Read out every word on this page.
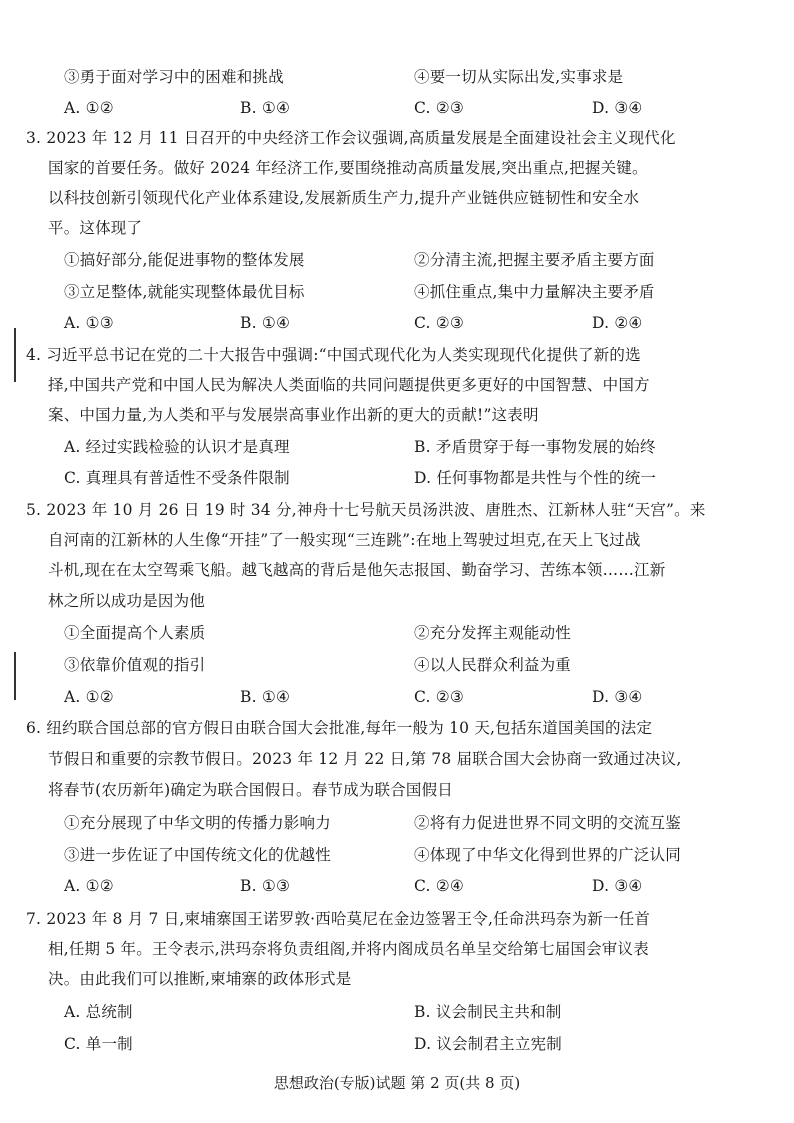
③勇于面对学习中的困难和挑战	④要一切从实际出发,实事求是
A. ①②	B. ①④	C. ②③	D. ③④
3. 2023 年 12 月 11 日召开的中央经济工作会议强调,高质量发展是全面建设社会主义现代化
国家的首要任务。做好 2024 年经济工作,要围绕推动高质量发展,突出重点,把握关键。
以科技创新引领现代化产业体系建设,发展新质生产力,提升产业链供应链韧性和安全水
平。这体现了
①搞好部分,能促进事物的整体发展	②分清主流,把握主要矛盾主要方面
③立足整体,就能实现整体最优目标	④抓住重点,集中力量解决主要矛盾
A. ①③	B. ①④	C. ②③	D. ②④
4. 习近平总书记在党的二十大报告中强调:“中国式现代化为人类实现现代化提供了新的选
择,中国共产党和中国人民为解决人类面临的共同问题提供更多更好的中国智慧、中国方
案、中国力量,为人类和平与发展崇高事业作出新的更大的贡献!”这表明
A. 经过实践检验的认识才是真理	B. 矛盾贯穿于每一事物发展的始终
C. 真理具有普适性不受条件限制	D. 任何事物都是共性与个性的统一
5. 2023 年 10 月 26 日 19 时 34 分,神舟十七号航天员汤洪波、唐胜杰、江新林人驻“天宫”。来
自河南的江新林的人生像“开挂”了一般实现“三连跳”:在地上驾驶过坦克,在天上飞过战
斗机,现在在太空驾乘飞船。越飞越高的背后是他矢志报国、勤奋学习、苦练本领……江新
林之所以成功是因为他
①全面提高个人素质	②充分发挥主观能动性
③依靠价值观的指引	④以人民群众利益为重
A. ①②	B. ①④	C. ②③	D. ③④
6. 纽约联合国总部的官方假日由联合国大会批准,每年一般为 10 天,包括东道国美国的法定
节假日和重要的宗教节假日。2023 年 12 月 22 日,第 78 届联合国大会协商一致通过决议,
将春节(农历新年)确定为联合国假日。春节成为联合国假日
①充分展现了中华文明的传播力影响力	②将有力促进世界不同文明的交流互鉴
③进一步佐证了中国传统文化的优越性	④体现了中华文化得到世界的广泛认同
A. ①②	B. ①③	C. ②④	D. ③④
7. 2023 年 8 月 7 日,柬埔寨国王诺罗敦·西哈莫尼在金边签署王令,任命洪玛奈为新一任首
相,任期 5 年。王令表示,洪玛奈将负责组阁,并将内阁成员名单呈交给第七届国会审议表
决。由此我们可以推断,柬埔寨的政体形式是
A. 总统制	B. 议会制民主共和制
C. 单一制	D. 议会制君主立宪制
思想政治(专版)试题 第 2 页(共 8 页)
